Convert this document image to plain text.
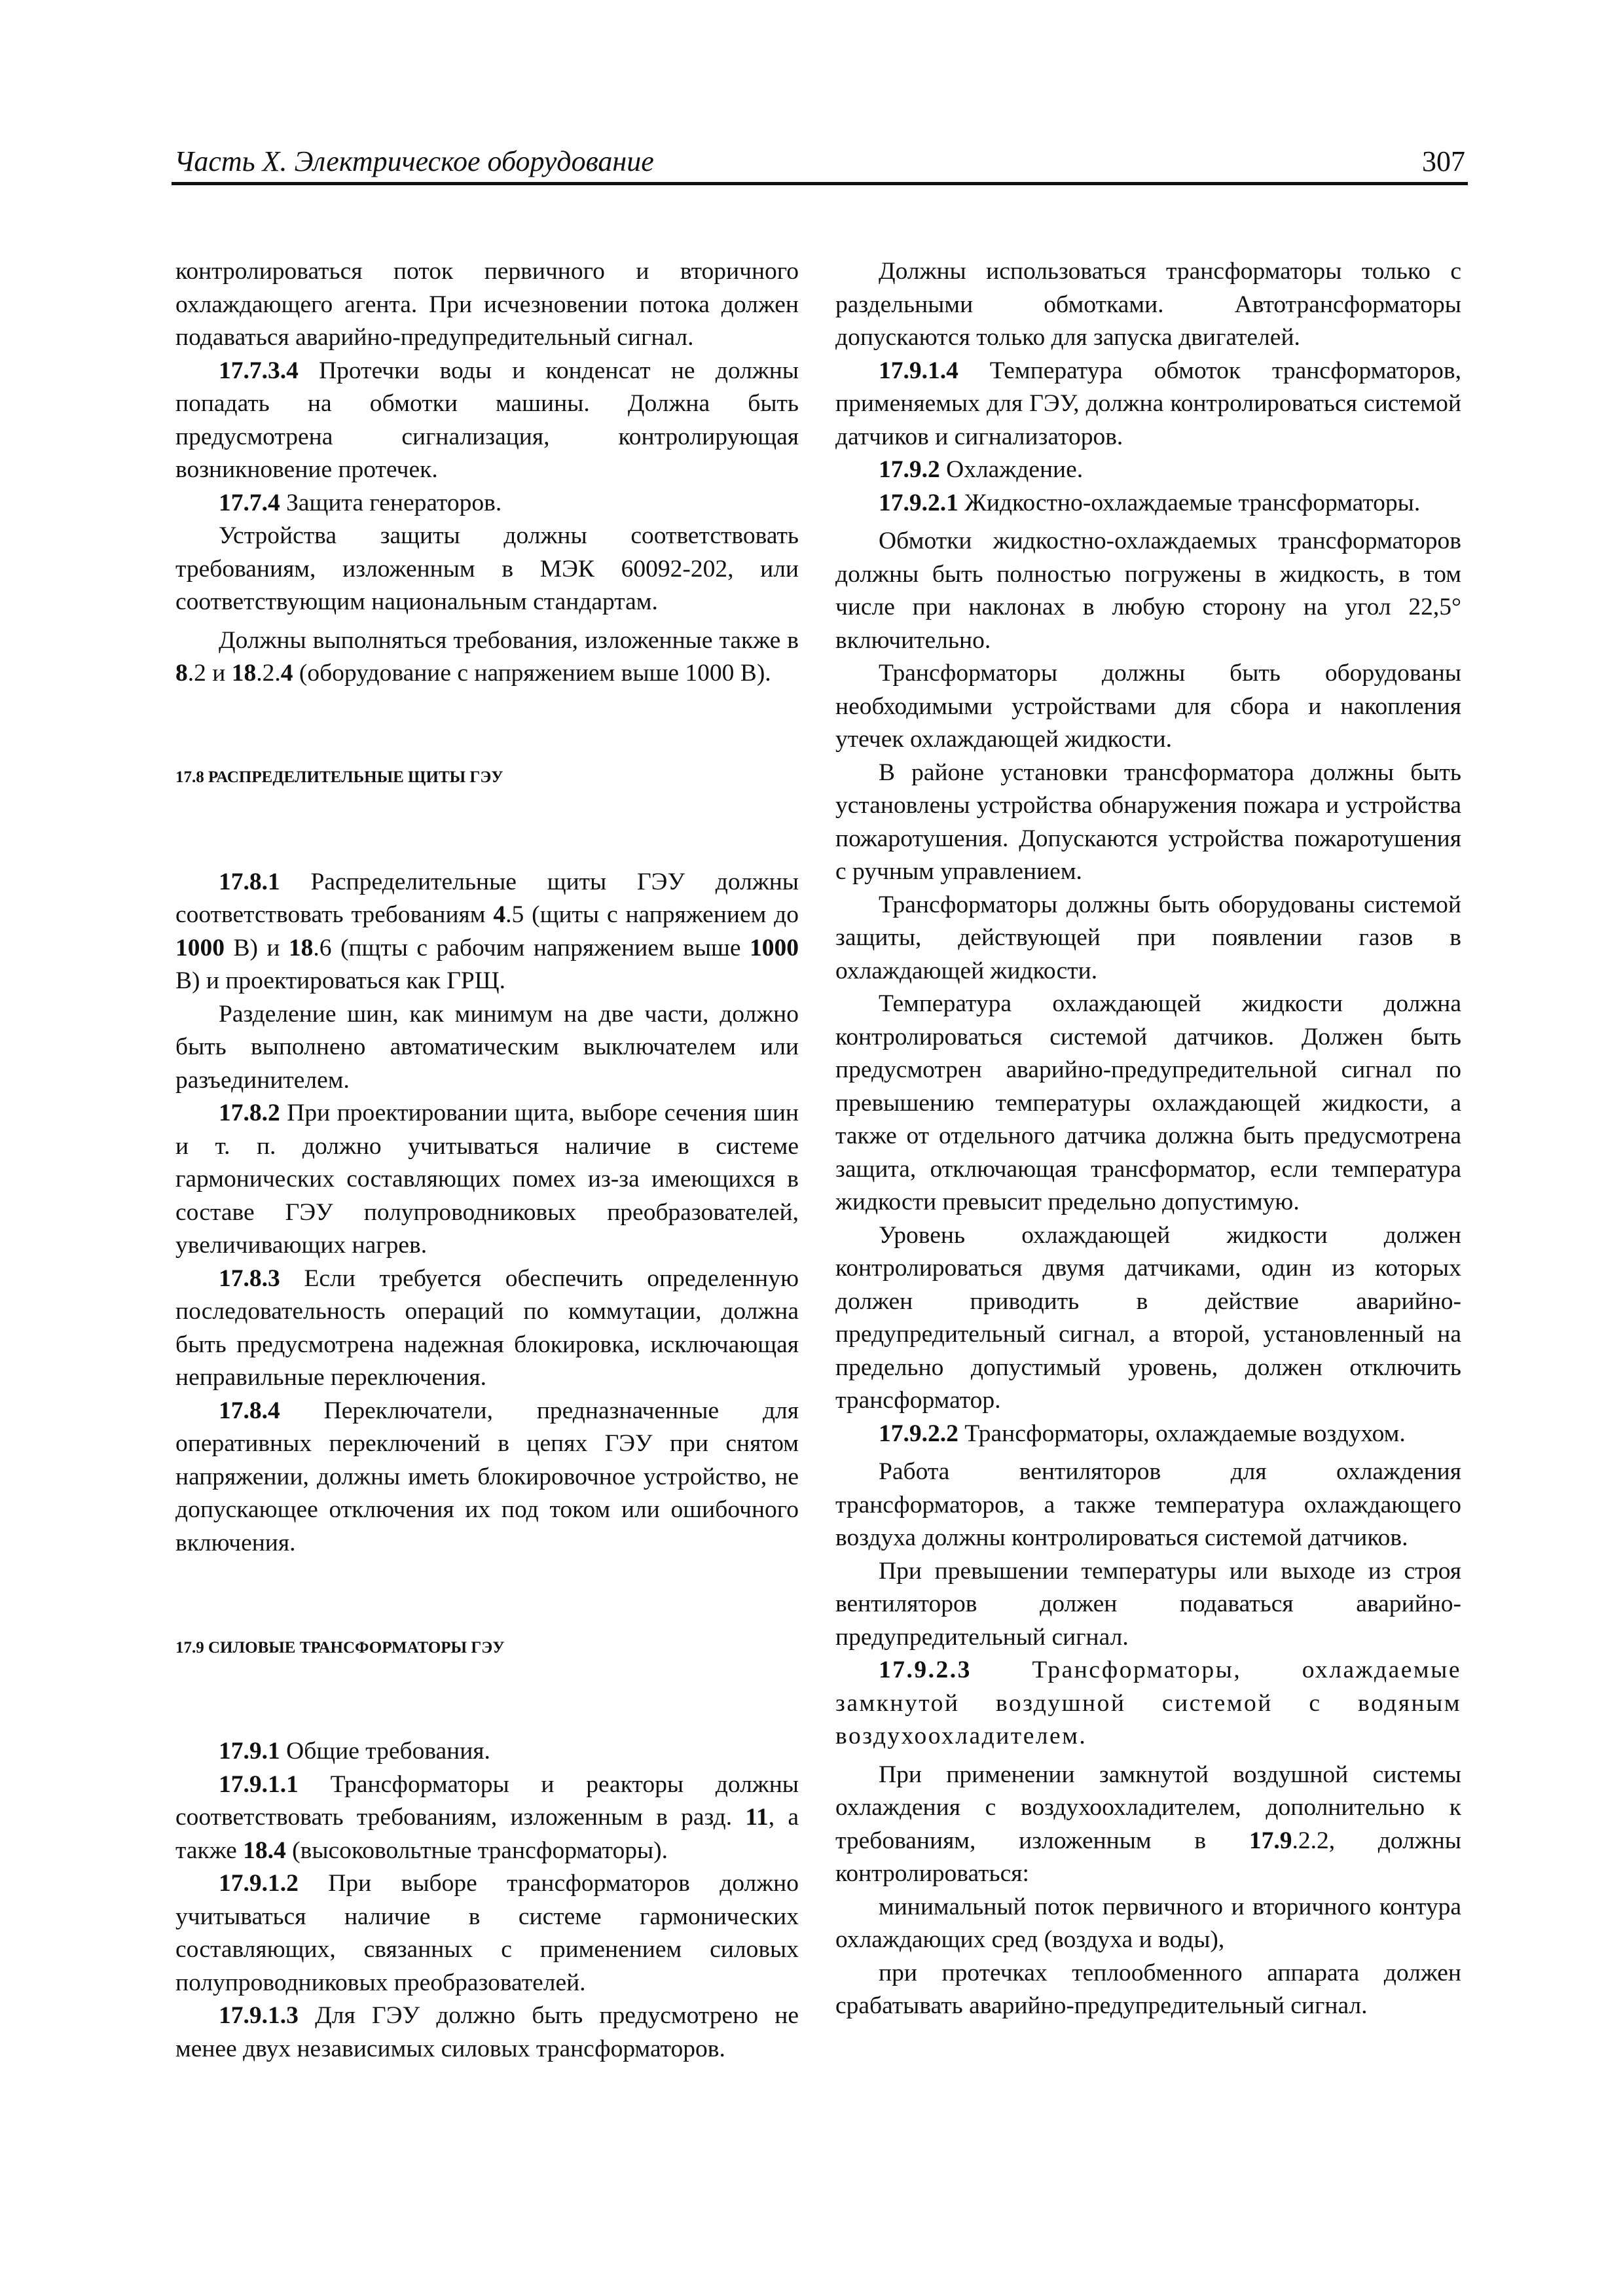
Часть X. Электрическое оборудование	307

контролироваться поток первичного и вторичного охлаждающего агента. При исчезновении потока должен подаваться аварийно-предупредительный сигнал.

17.7.3.4 Протечки воды и конденсат не должны попадать на обмотки машины. Должна быть предусмотрена сигнализация, контролирующая возникновение протечек.

17.7.4 Защита генераторов.

Устройства защиты должны соответствовать требованиям, изложенным в МЭК 60092-202, или соответствующим национальным стандартам.

Должны выполняться требования, изложенные также в 8.2 и 18.2.4 (оборудование с напряжением выше 1000 В).

17.8 РАСПРЕДЕЛИТЕЛЬНЫЕ ЩИТЫ ГЭУ

17.8.1 Распределительные щиты ГЭУ должны соответствовать требованиям 4.5 (щиты с напряжением до 1000 В) и 18.6 (пщты с рабочим напряжением выше 1000 В) и проектироваться как ГРЩ.

Разделение шин, как минимум на две части, должно быть выполнено автоматическим выключателем или разъединителем.

17.8.2 При проектировании щита, выборе сечения шин и т. п. должно учитываться наличие в системе гармонических составляющих помех из-за имеющихся в составе ГЭУ полупроводниковых преобразователей, увеличивающих нагрев.

17.8.3 Если требуется обеспечить определенную последовательность операций по коммутации, должна быть предусмотрена надежная блокировка, исключающая неправильные переключения.

17.8.4 Переключатели, предназначенные для оперативных переключений в цепях ГЭУ при снятом напряжении, должны иметь блокировочное устройство, не допускающее отключения их под током или ошибочного включения.

17.9 СИЛОВЫЕ ТРАНСФОРМАТОРЫ ГЭУ

17.9.1 Общие требования.

17.9.1.1 Трансформаторы и реакторы должны соответствовать требованиям, изложенным в разд. 11, а также 18.4 (высоковольтные трансформаторы).

17.9.1.2 При выборе трансформаторов должно учитываться наличие в системе гармонических составляющих, связанных с применением силовых полупроводниковых преобразователей.

17.9.1.3 Для ГЭУ должно быть предусмотрено не менее двух независимых силовых трансформаторов.

Должны использоваться трансформаторы только с раздельными обмотками. Автотрансформаторы допускаются только для запуска двигателей.

17.9.1.4 Температура обмоток трансформаторов, применяемых для ГЭУ, должна контролироваться системой датчиков и сигнализаторов.

17.9.2 Охлаждение.

17.9.2.1 Жидкостно-охлаждаемые трансформаторы.

Обмотки жидкостно-охлаждаемых трансформаторов должны быть полностью погружены в жидкость, в том числе при наклонах в любую сторону на угол 22,5° включительно.

Трансформаторы должны быть оборудованы необходимыми устройствами для сбора и накопления утечек охлаждающей жидкости.

В районе установки трансформатора должны быть установлены устройства обнаружения пожара и устройства пожаротушения. Допускаются устройства пожаротушения с ручным управлением.

Трансформаторы должны быть оборудованы системой защиты, действующей при появлении газов в охлаждающей жидкости.

Температура охлаждающей жидкости должна контролироваться системой датчиков. Должен быть предусмотрен аварийно-предупредительной сигнал по превышению температуры охлаждающей жидкости, а также от отдельного датчика должна быть предусмотрена защита, отключающая трансформатор, если температура жидкости превысит предельно допустимую.

Уровень охлаждающей жидкости должен контролироваться двумя датчиками, один из которых должен приводить в действие аварийно-предупредительный сигнал, а второй, установленный на предельно допустимый уровень, должен отключить трансформатор.

17.9.2.2 Трансформаторы, охлаждаемые воздухом.

Работа вентиляторов для охлаждения трансформаторов, а также температура охлаждающего воздуха должны контролироваться системой датчиков.

При превышении температуры или выходе из строя вентиляторов должен подаваться аварийно-предупредительный сигнал.

17.9.2.3 Трансформаторы, охлаждаемые замкнутой воздушной системой с водяным воздухоохладителем.

При применении замкнутой воздушной системы охлаждения с воздухоохладителем, дополнительно к требованиям, изложенным в 17.9.2.2, должны контролироваться:

минимальный поток первичного и вторичного контура охлаждающих сред (воздуха и воды),

при протечках теплообменного аппарата должен срабатывать аварийно-предупредительный сигнал.
